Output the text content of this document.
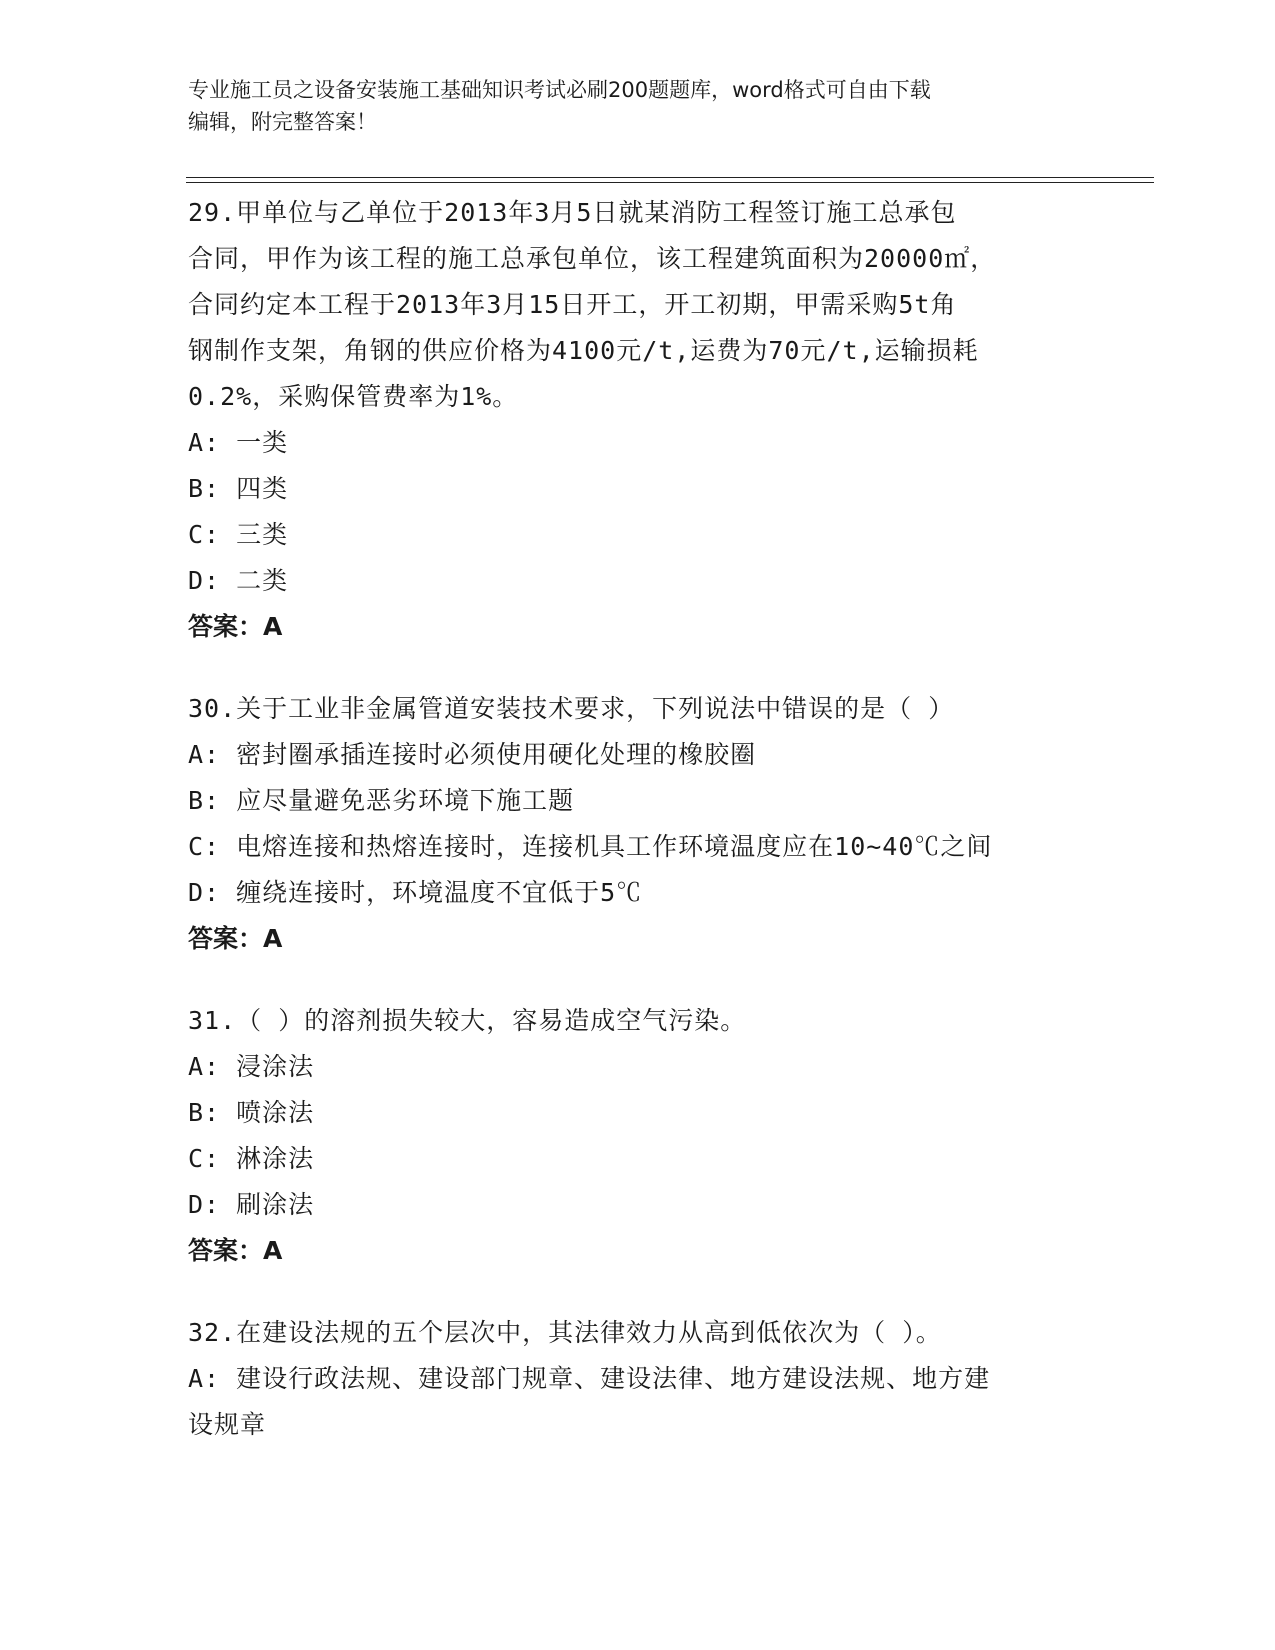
专业施工员之设备安装施工基础知识考试必刷200题题库，word格式可自由下载
编辑，附完整答案！
29.甲单位与乙单位于2013年3月5日就某消防工程签订施工总承包
合同，甲作为该工程的施工总承包单位，该工程建筑面积为20000㎡，
合同约定本工程于2013年3月15日开工，开工初期，甲需采购5t角
钢制作支架，角钢的供应价格为4100元/t,运费为70元/t,运输损耗
0.2%，采购保管费率为1%。
A: 一类
B: 四类
C: 三类
D: 二类
答案：A
30.关于工业非金属管道安装技术要求，下列说法中错误的是（ ）
A: 密封圈承插连接时必须使用硬化处理的橡胶圈
B: 应尽量避免恶劣环境下施工题
C: 电熔连接和热熔连接时，连接机具工作环境温度应在10~40℃之间
D: 缠绕连接时，环境温度不宜低于5℃
答案：A
31.（ ）的溶剂损失较大，容易造成空气污染。
A: 浸涂法
B: 喷涂法
C: 淋涂法
D: 刷涂法
答案：A
32.在建设法规的五个层次中，其法律效力从高到低依次为（ ）。
A: 建设行政法规、建设部门规章、建设法律、地方建设法规、地方建
设规章
